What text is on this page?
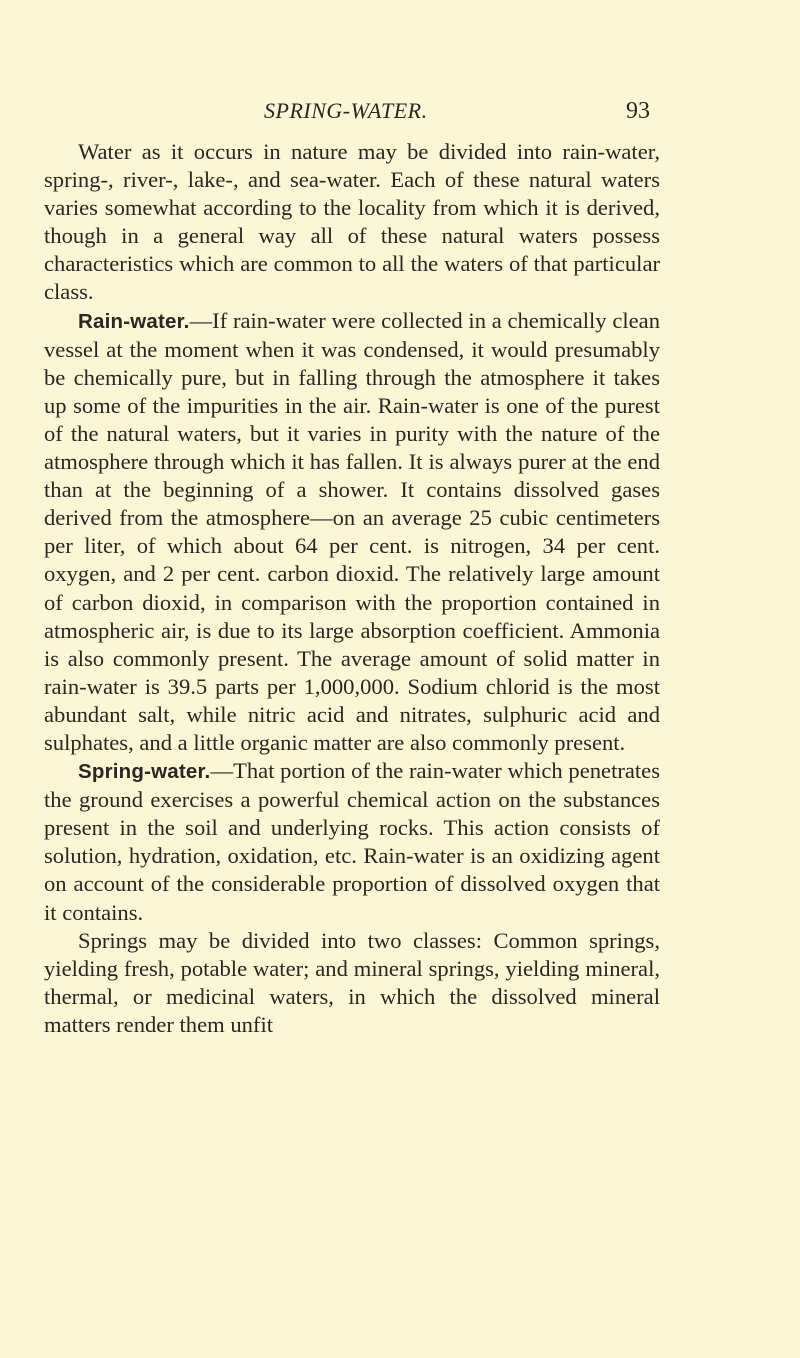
SPRING-WATER.	93

Water as it occurs in nature may be divided into rain-water, spring-, river-, lake-, and sea-water. Each of these natural waters varies somewhat according to the locality from which it is derived, though in a general way all of these natural waters possess characteristics which are common to all the waters of that particular class.

Rain-water.—If rain-water were collected in a chemically clean vessel at the moment when it was condensed, it would presumably be chemically pure, but in falling through the atmosphere it takes up some of the impurities in the air. Rain-water is one of the purest of the natural waters, but it varies in purity with the nature of the atmosphere through which it has fallen. It is always purer at the end than at the beginning of a shower. It contains dissolved gases derived from the atmosphere—on an average 25 cubic centimeters per liter, of which about 64 per cent. is nitrogen, 34 per cent. oxygen, and 2 per cent. carbon dioxid. The relatively large amount of carbon dioxid, in comparison with the proportion contained in atmospheric air, is due to its large absorption coefficient. Ammonia is also commonly present. The average amount of solid matter in rain-water is 39.5 parts per 1,000,000. Sodium chlorid is the most abundant salt, while nitric acid and nitrates, sulphuric acid and sulphates, and a little organic matter are also commonly present.

Spring-water.—That portion of the rain-water which penetrates the ground exercises a powerful chemical action on the substances present in the soil and underlying rocks. This action consists of solution, hydration, oxidation, etc. Rain-water is an oxidizing agent on account of the considerable proportion of dissolved oxygen that it contains.

Springs may be divided into two classes: Common springs, yielding fresh, potable water; and mineral springs, yielding mineral, thermal, or medicinal waters, in which the dissolved mineral matters render them unfit
